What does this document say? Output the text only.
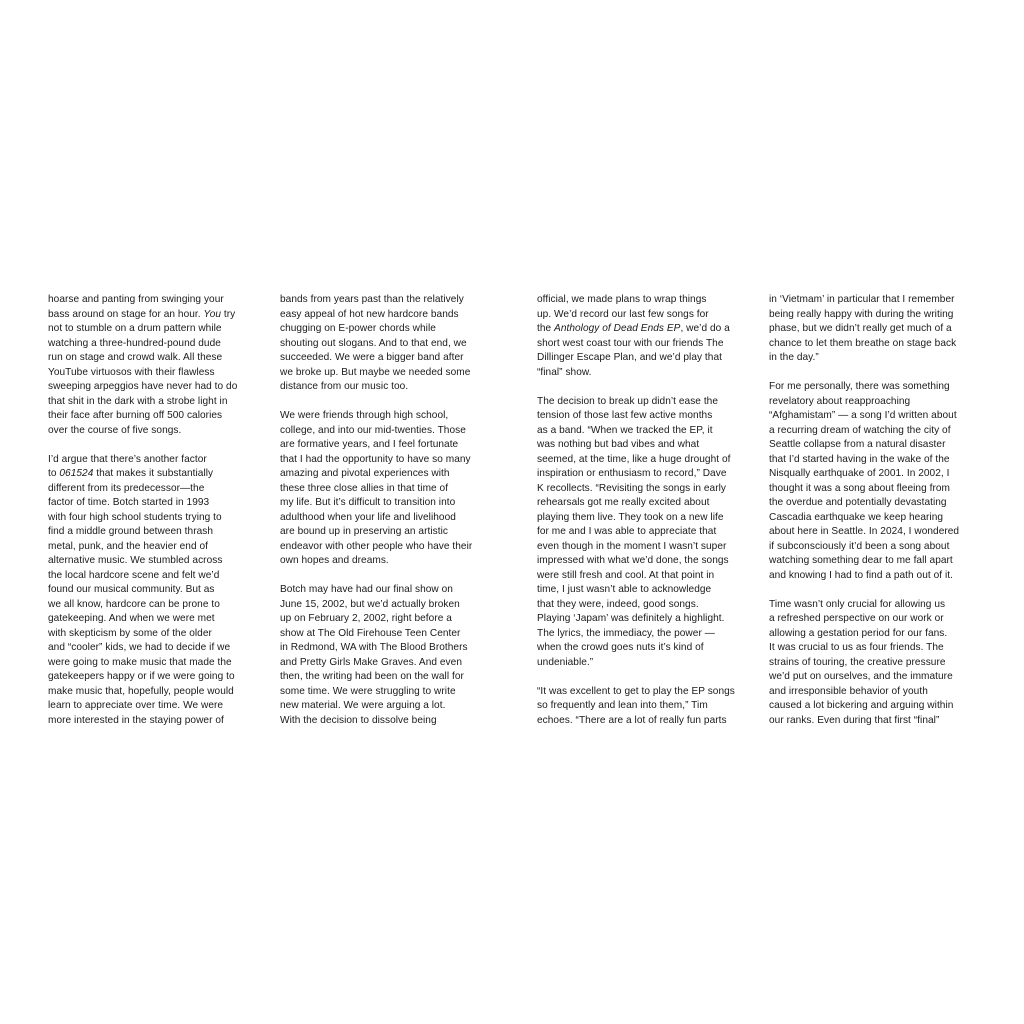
hoarse and panting from swinging your
bass around on stage for an hour. You try
not to stumble on a drum pattern while
watching a three-hundred-pound dude
run on stage and crowd walk. All these
YouTube virtuosos with their flawless
sweeping arpeggios have never had to do
that shit in the dark with a strobe light in
their face after burning off 500 calories
over the course of five songs.

I’d argue that there’s another factor
to 061524 that makes it substantially
different from its predecessor—the
factor of time. Botch started in 1993
with four high school students trying to
find a middle ground between thrash
metal, punk, and the heavier end of
alternative music. We stumbled across
the local hardcore scene and felt we’d
found our musical community. But as
we all know, hardcore can be prone to
gatekeeping. And when we were met
with skepticism by some of the older
and “cooler” kids, we had to decide if we
were going to make music that made the
gatekeepers happy or if we were going to
make music that, hopefully, people would
learn to appreciate over time. We were
more interested in the staying power of

bands from years past than the relatively
easy appeal of hot new hardcore bands
chugging on E-power chords while
shouting out slogans. And to that end, we
succeeded. We were a bigger band after
we broke up. But maybe we needed some
distance from our music too.

We were friends through high school,
college, and into our mid-twenties. Those
are formative years, and I feel fortunate
that I had the opportunity to have so many
amazing and pivotal experiences with
these three close allies in that time of
my life. But it’s difficult to transition into
adulthood when your life and livelihood
are bound up in preserving an artistic
endeavor with other people who have their
own hopes and dreams.

Botch may have had our final show on
June 15, 2002, but we’d actually broken
up on February 2, 2002, right before a
show at The Old Firehouse Teen Center
in Redmond, WA with The Blood Brothers
and Pretty Girls Make Graves. And even
then, the writing had been on the wall for
some time. We were struggling to write
new material. We were arguing a lot.
With the decision to dissolve being

official, we made plans to wrap things
up. We’d record our last few songs for
the Anthology of Dead Ends EP, we’d do a
short west coast tour with our friends The
Dillinger Escape Plan, and we’d play that
“final” show.

The decision to break up didn’t ease the
tension of those last few active months
as a band. “When we tracked the EP, it
was nothing but bad vibes and what
seemed, at the time, like a huge drought of
inspiration or enthusiasm to record,” Dave
K recollects. “Revisiting the songs in early
rehearsals got me really excited about
playing them live. They took on a new life
for me and I was able to appreciate that
even though in the moment I wasn’t super
impressed with what we’d done, the songs
were still fresh and cool. At that point in
time, I just wasn’t able to acknowledge
that they were, indeed, good songs.
Playing ‘Japam’ was definitely a highlight.
The lyrics, the immediacy, the power —
when the crowd goes nuts it’s kind of
undeniable.”

“It was excellent to get to play the EP songs
so frequently and lean into them,” Tim
echoes. “There are a lot of really fun parts

in ‘Vietmam’ in particular that I remember
being really happy with during the writing
phase, but we didn’t really get much of a
chance to let them breathe on stage back
in the day.”

For me personally, there was something
revelatory about reapproaching
“Afghamistam” — a song I’d written about
a recurring dream of watching the city of
Seattle collapse from a natural disaster
that I’d started having in the wake of the
Nisqually earthquake of 2001. In 2002, I
thought it was a song about fleeing from
the overdue and potentially devastating
Cascadia earthquake we keep hearing
about here in Seattle. In 2024, I wondered
if subconsciously it’d been a song about
watching something dear to me fall apart
and knowing I had to find a path out of it.

Time wasn’t only crucial for allowing us
a refreshed perspective on our work or
allowing a gestation period for our fans.
It was crucial to us as four friends. The
strains of touring, the creative pressure
we’d put on ourselves, and the immature
and irresponsible behavior of youth
caused a lot bickering and arguing within
our ranks. Even during that first “final”
